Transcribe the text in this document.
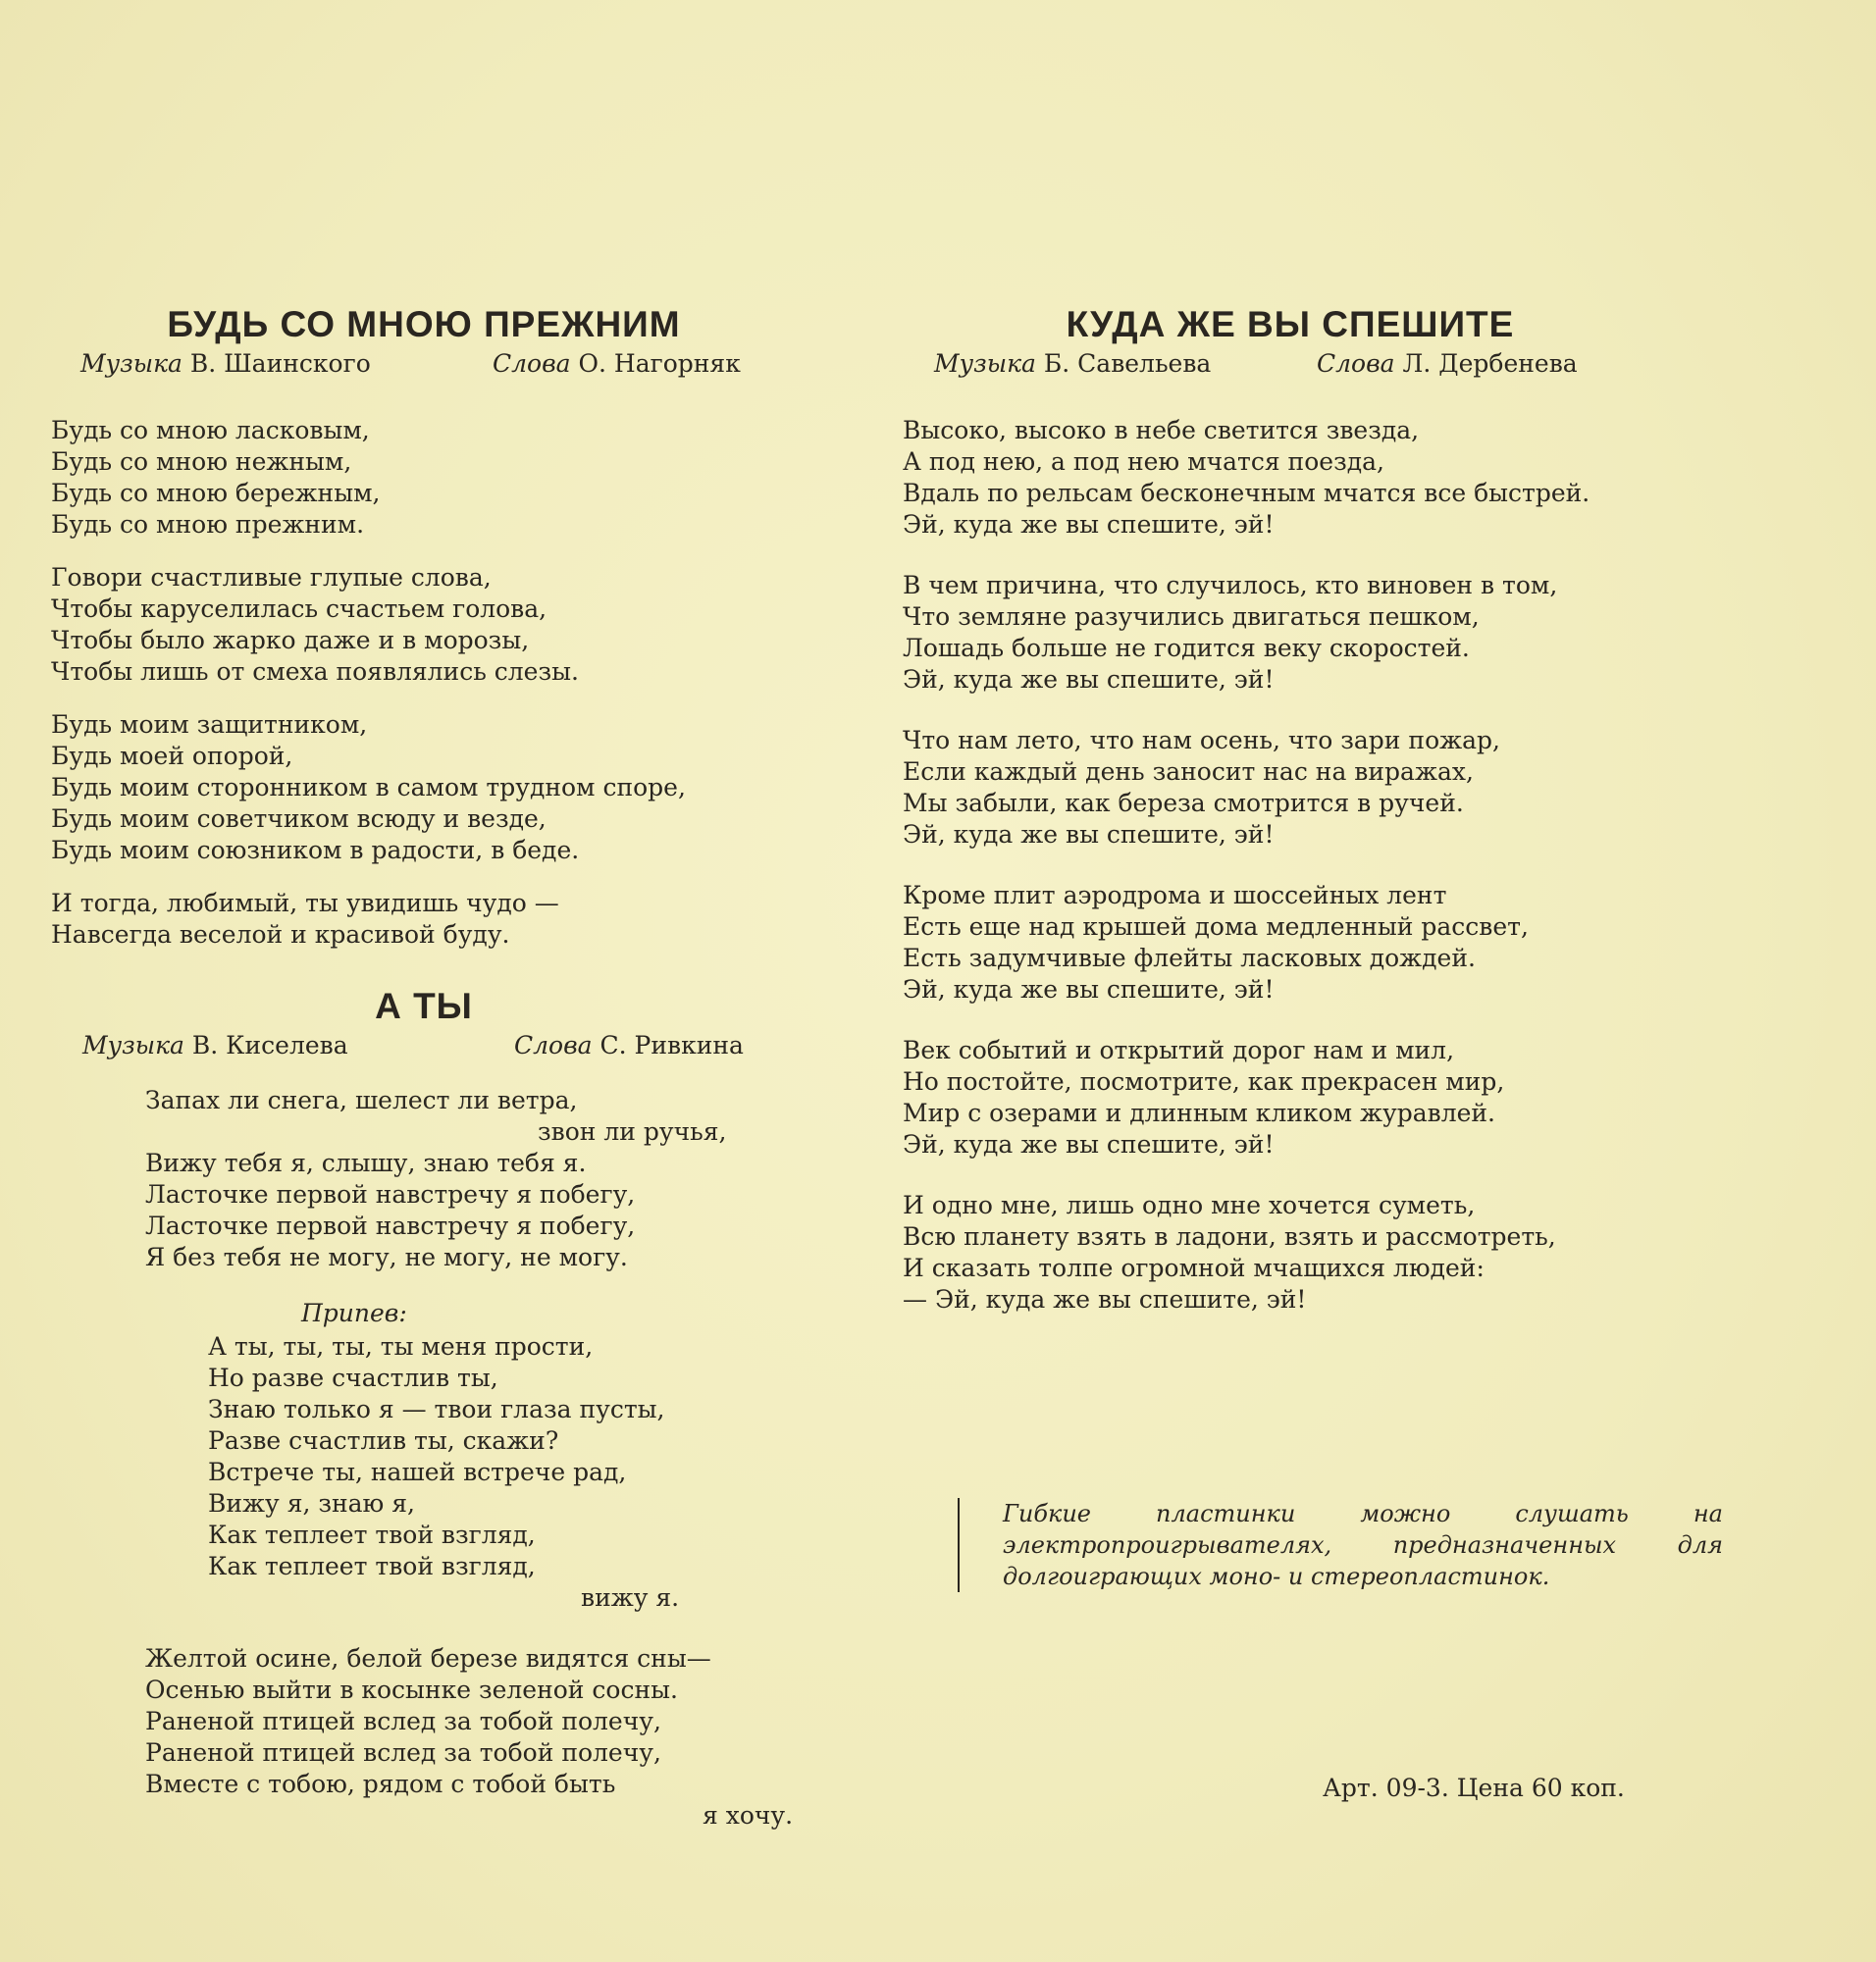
БУДЬ СО МНОЮ ПРЕЖНИМ
Музыка В. Шаинского	Слова О. Нагорняк
Будь со мною ласковым,
Будь со мною нежным,
Будь со мною бережным,
Будь со мною прежним.
Говори счастливые глупые слова,
Чтобы каруселилась счастьем голова,
Чтобы было жарко даже и в морозы,
Чтобы лишь от смеха появлялись слезы.
Будь моим защитником,
Будь моей опорой,
Будь моим сторонником в самом трудном споре,
Будь моим советчиком всюду и везде,
Будь моим союзником в радости, в беде.
И тогда, любимый, ты увидишь чудо —
Навсегда веселой и красивой буду.
А ТЫ
Музыка В. Киселева	Слова С. Ривкина
Запах ли снега, шелест ли ветра,
звон ли ручья,
Вижу тебя я, слышу, знаю тебя я.
Ласточке первой навстречу я побегу,
Ласточке первой навстречу я побегу,
Я без тебя не могу, не могу, не могу.
Припев:
А ты, ты, ты, ты меня прости,
Но разве счастлив ты,
Знаю только я — твои глаза пусты,
Разве счастлив ты, скажи?
Встрече ты, нашей встрече рад,
Вижу я, знаю я,
Как теплеет твой взгляд,
Как теплеет твой взгляд,
вижу я.
Желтой осине, белой березе видятся сны—
Осенью выйти в косынке зеленой сосны.
Раненой птицей вслед за тобой полечу,
Раненой птицей вслед за тобой полечу,
Вместе с тобою, рядом с тобой быть
я хочу.
КУДА ЖЕ ВЫ СПЕШИТЕ
Музыка Б. Савельева	Слова Л. Дербенева
Высоко, высоко в небе светится звезда,
А под нею, а под нею мчатся поезда,
Вдаль по рельсам бесконечным мчатся все быстрей.
Эй, куда же вы спешите, эй!
В чем причина, что случилось, кто виновен в том,
Что земляне разучились двигаться пешком,
Лошадь больше не годится веку скоростей.
Эй, куда же вы спешите, эй!
Что нам лето, что нам осень, что зари пожар,
Если каждый день заносит нас на виражах,
Мы забыли, как береза смотрится в ручей.
Эй, куда же вы спешите, эй!
Кроме плит аэродрома и шоссейных лент
Есть еще над крышей дома медленный рассвет,
Есть задумчивые флейты ласковых дождей.
Эй, куда же вы спешите, эй!
Век событий и открытий дорог нам и мил,
Но постойте, посмотрите, как прекрасен мир,
Мир с озерами и длинным кликом журавлей.
Эй, куда же вы спешите, эй!
И одно мне, лишь одно мне хочется суметь,
Всю планету взять в ладони, взять и рассмотреть,
И сказать толпе огромной мчащихся людей:
— Эй, куда же вы спешите, эй!
Гибкие пластинки можно слушать на электропроигрывателях, предназначенных для долгоиграющих моно- и стереопластинок.
Арт. 09-3. Цена 60 коп.
